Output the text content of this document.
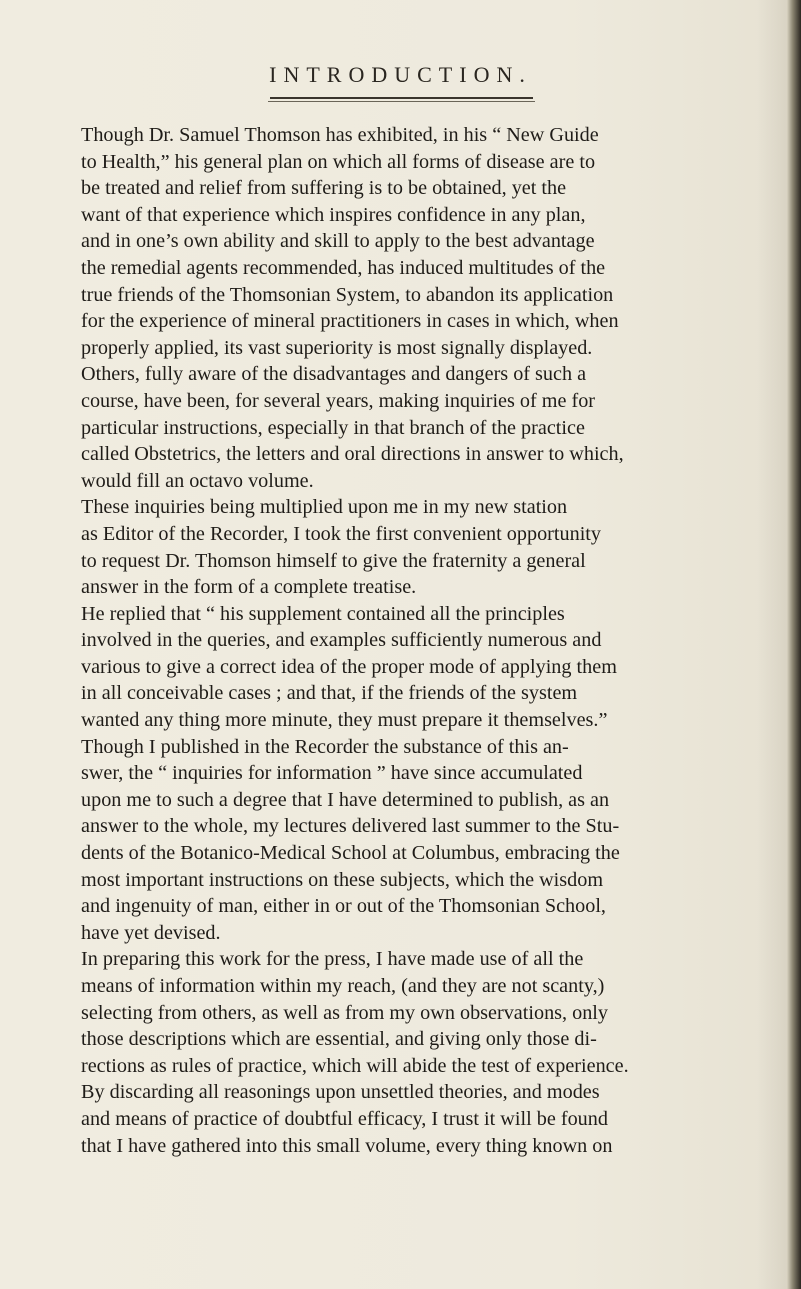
INTRODUCTION.
Though Dr. Samuel Thomson has exhibited, in his “ New Guide
to Health,” his general plan on which all forms of disease are to
be treated and relief from suffering is to be obtained, yet the
want of that experience which inspires confidence in any plan,
and in one’s own ability and skill to apply to the best advantage
the remedial agents recommended, has induced multitudes of the
true friends of the Thomsonian System, to abandon its application
for the experience of mineral practitioners in cases in which, when
properly applied, its vast superiority is most signally displayed.
Others, fully aware of the disadvantages and dangers of such a
course, have been, for several years, making inquiries of me for
particular instructions, especially in that branch of the practice
called Obstetrics, the letters and oral directions in answer to which,
would fill an octavo volume.
These inquiries being multiplied upon me in my new station
as Editor of the Recorder, I took the first convenient opportunity
to request Dr. Thomson himself to give the fraternity a general
answer in the form of a complete treatise.
He replied that “ his supplement contained all the principles
involved in the queries, and examples sufficiently numerous and
various to give a correct idea of the proper mode of applying them
in all conceivable cases ; and that, if the friends of the system
wanted any thing more minute, they must prepare it themselves.”
Though I published in the Recorder the substance of this an-
swer, the “ inquiries for information ” have since accumulated
upon me to such a degree that I have determined to publish, as an
answer to the whole, my lectures delivered last summer to the Stu-
dents of the Botanico-Medical School at Columbus, embracing the
most important instructions on these subjects, which the wisdom
and ingenuity of man, either in or out of the Thomsonian School,
have yet devised.
In preparing this work for the press, I have made use of all the
means of information within my reach, (and they are not scanty,)
selecting from others, as well as from my own observations, only
those descriptions which are essential, and giving only those di-
rections as rules of practice, which will abide the test of experience.
By discarding all reasonings upon unsettled theories, and modes
and means of practice of doubtful efficacy, I trust it will be found
that I have gathered into this small volume, every thing known on
